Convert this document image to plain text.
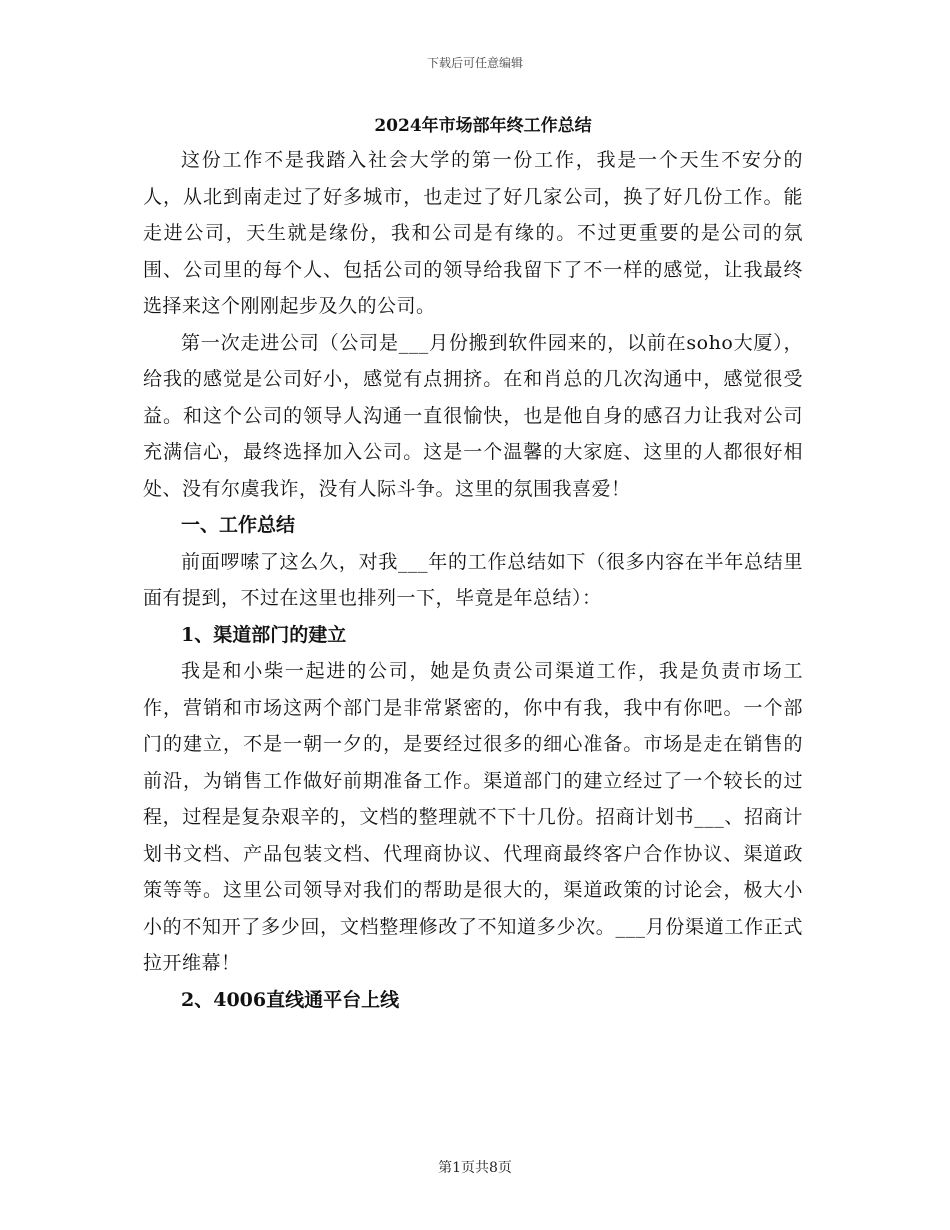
下载后可任意编辑
2024年市场部年终工作总结

这份工作不是我踏入社会大学的第一份工作，我是一个天生不安分的人，从北到南走过了好多城市，也走过了好几家公司，换了好几份工作。能走进公司，天生就是缘份，我和公司是有缘的。不过更重要的是公司的氛围、公司里的每个人、包括公司的领导给我留下了不一样的感觉，让我最终选择来这个刚刚起步及久的公司。

第一次走进公司（公司是___月份搬到软件园来的，以前在soho大厦），给我的感觉是公司好小，感觉有点拥挤。在和肖总的几次沟通中，感觉很受益。和这个公司的领导人沟通一直很愉快，也是他自身的感召力让我对公司充满信心，最终选择加入公司。这是一个温馨的大家庭、这里的人都很好相处、没有尔虞我诈，没有人际斗争。这里的氛围我喜爱！

一、工作总结

前面啰嗦了这么久，对我___年的工作总结如下（很多内容在半年总结里面有提到，不过在这里也排列一下，毕竟是年总结）：

1、渠道部门的建立

我是和小柴一起进的公司，她是负责公司渠道工作，我是负责市场工作，营销和市场这两个部门是非常紧密的，你中有我，我中有你吧。一个部门的建立，不是一朝一夕的，是要经过很多的细心准备。市场是走在销售的前沿，为销售工作做好前期准备工作。渠道部门的建立经过了一个较长的过程，过程是复杂艰辛的，文档的整理就不下十几份。招商计划书___、招商计划书文档、产品包装文档、代理商协议、代理商最终客户合作协议、渠道政策等等。这里公司领导对我们的帮助是很大的，渠道政策的讨论会，极大小小的不知开了多少回，文档整理修改了不知道多少次。___月份渠道工作正式拉开维幕！

2、4006直线通平台上线

第1页共8页
